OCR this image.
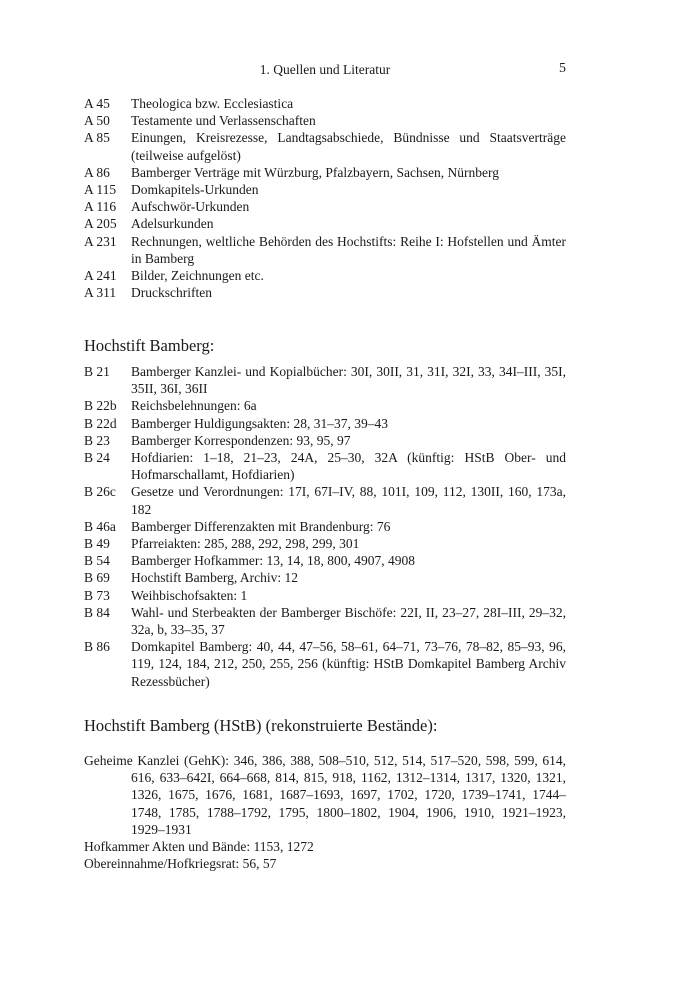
1. Quellen und Literatur	5
A 45	Theologica bzw. Ecclesiastica
A 50	Testamente und Verlassenschaften
A 85	Einungen, Kreisrezesse, Landtagsabschiede, Bündnisse und Staatsverträge (teilweise aufgelöst)
A 86	Bamberger Verträge mit Würzburg, Pfalzbayern, Sachsen, Nürnberg
A 115	Domkapitels-Urkunden
A 116	Aufschwör-Urkunden
A 205	Adelsurkunden
A 231	Rechnungen, weltliche Behörden des Hochstifts: Reihe I: Hofstellen und Ämter in Bamberg
A 241	Bilder, Zeichnungen etc.
A 311	Druckschriften
Hochstift Bamberg:
B 21	Bamberger Kanzlei- und Kopialbücher: 30I, 30II, 31, 31I, 32I, 33, 34I–III, 35I, 35II, 36I, 36II
B 22b	Reichsbelehnungen: 6a
B 22d	Bamberger Huldigungsakten: 28, 31–37, 39–43
B 23	Bamberger Korrespondenzen: 93, 95, 97
B 24	Hofdiarien: 1–18, 21–23, 24A, 25–30, 32A (künftig: HStB Ober- und Hofmarschallamt, Hofdiarien)
B 26c	Gesetze und Verordnungen: 17I, 67I–IV, 88, 101I, 109, 112, 130II, 160, 173a, 182
B 46a	Bamberger Differenzakten mit Brandenburg: 76
B 49	Pfarreiakten: 285, 288, 292, 298, 299, 301
B 54	Bamberger Hofkammer: 13, 14, 18, 800, 4907, 4908
B 69	Hochstift Bamberg, Archiv: 12
B 73	Weihbischofsakten: 1
B 84	Wahl- und Sterbeakten der Bamberger Bischöfe: 22I, II, 23–27, 28I–III, 29–32, 32a, b, 33–35, 37
B 86	Domkapitel Bamberg: 40, 44, 47–56, 58–61, 64–71, 73–76, 78–82, 85–93, 96, 119, 124, 184, 212, 250, 255, 256 (künftig: HStB Domkapitel Bamberg Archiv Rezessbücher)
Hochstift Bamberg (HStB) (rekonstruierte Bestände):
Geheime Kanzlei (GehK): 346, 386, 388, 508–510, 512, 514, 517–520, 598, 599, 614, 616, 633–642I, 664–668, 814, 815, 918, 1162, 1312–1314, 1317, 1320, 1321, 1326, 1675, 1676, 1681, 1687–1693, 1697, 1702, 1720, 1739–1741, 1744–1748, 1785, 1788–1792, 1795, 1800–1802, 1904, 1906, 1910, 1921–1923, 1929–1931
Hofkammer Akten und Bände: 1153, 1272
Obereinnahme/Hofkriegsrat: 56, 57
